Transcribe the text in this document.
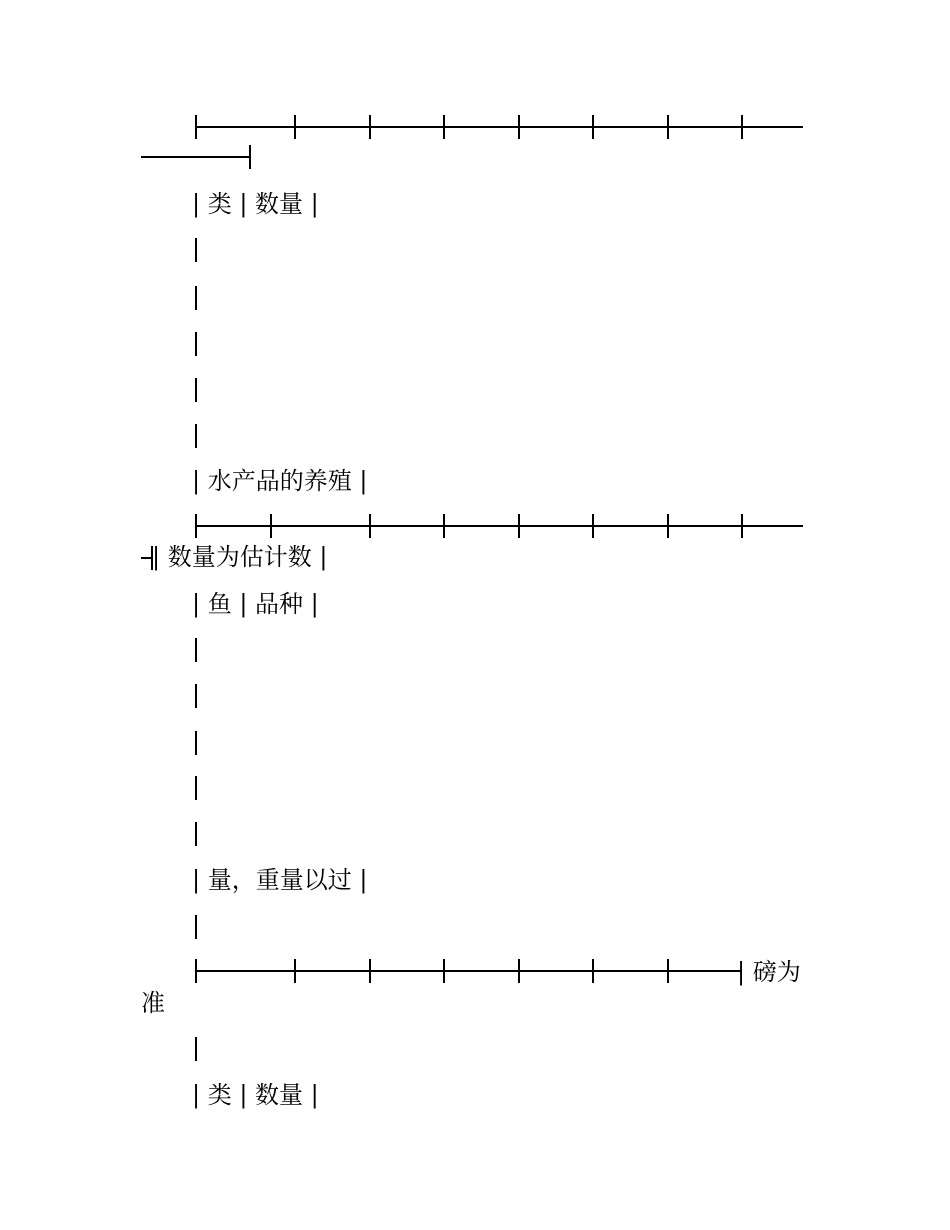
| 类 | 数量 |
| 水产品的养殖 |
| 数量为估计数 |
| 鱼 | 品种 |
| 量，重量以过 |
| 磅为
准
| 类 | 数量 |
